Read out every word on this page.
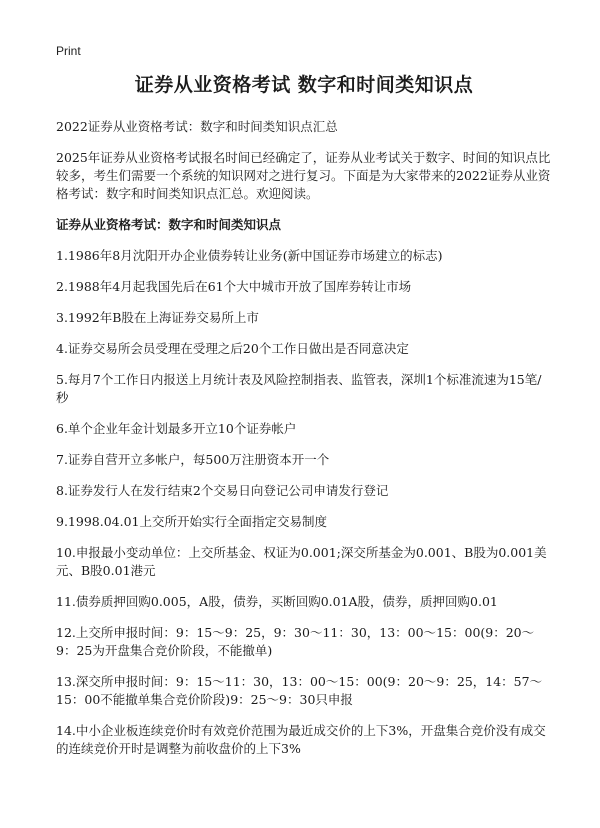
Print
证券从业资格考试 数字和时间类知识点

2022证券从业资格考试：数字和时间类知识点汇总

2025年证券从业资格考试报名时间已经确定了，证券从业考试关于数字、时间的知识点比较多，考生们需要一个系统的知识网对之进行复习。下面是为大家带来的2022证券从业资格考试：数字和时间类知识点汇总。欢迎阅读。

证券从业资格考试：数字和时间类知识点

1.1986年8月沈阳开办企业债券转让业务(新中国证券市场建立的标志)
2.1988年4月起我国先后在61个大中城市开放了国库券转让市场
3.1992年B股在上海证券交易所上市
4.证券交易所会员受理在受理之后20个工作日做出是否同意决定
5.每月7个工作日内报送上月统计表及风险控制指表、监管表，深圳1个标准流速为15笔/秒
6.单个企业年金计划最多开立10个证券帐户
7.证券自营开立多帐户，每500万注册资本开一个
8.证券发行人在发行结束2个交易日向登记公司申请发行登记
9.1998.04.01上交所开始实行全面指定交易制度
10.申报最小变动单位：上交所基金、权证为0.001;深交所基金为0.001、B股为0.001美元、B股0.01港元
11.债券质押回购0.005，A股，债券，买断回购0.01A股，债券，质押回购0.01
12.上交所申报时间：9：15～9：25，9：30～11：30，13：00～15：00(9：20～9：25为开盘集合竞价阶段，不能撤单)
13.深交所申报时间：9：15～11：30，13：00～15：00(9：20～9：25，14：57～15：00不能撤单集合竞价阶段)9：25～9：30只申报
14.中小企业板连续竞价时有效竞价范围为最近成交价的上下3%，开盘集合竞价没有成交的连续竞价开时是调整为前收盘价的上下3%
